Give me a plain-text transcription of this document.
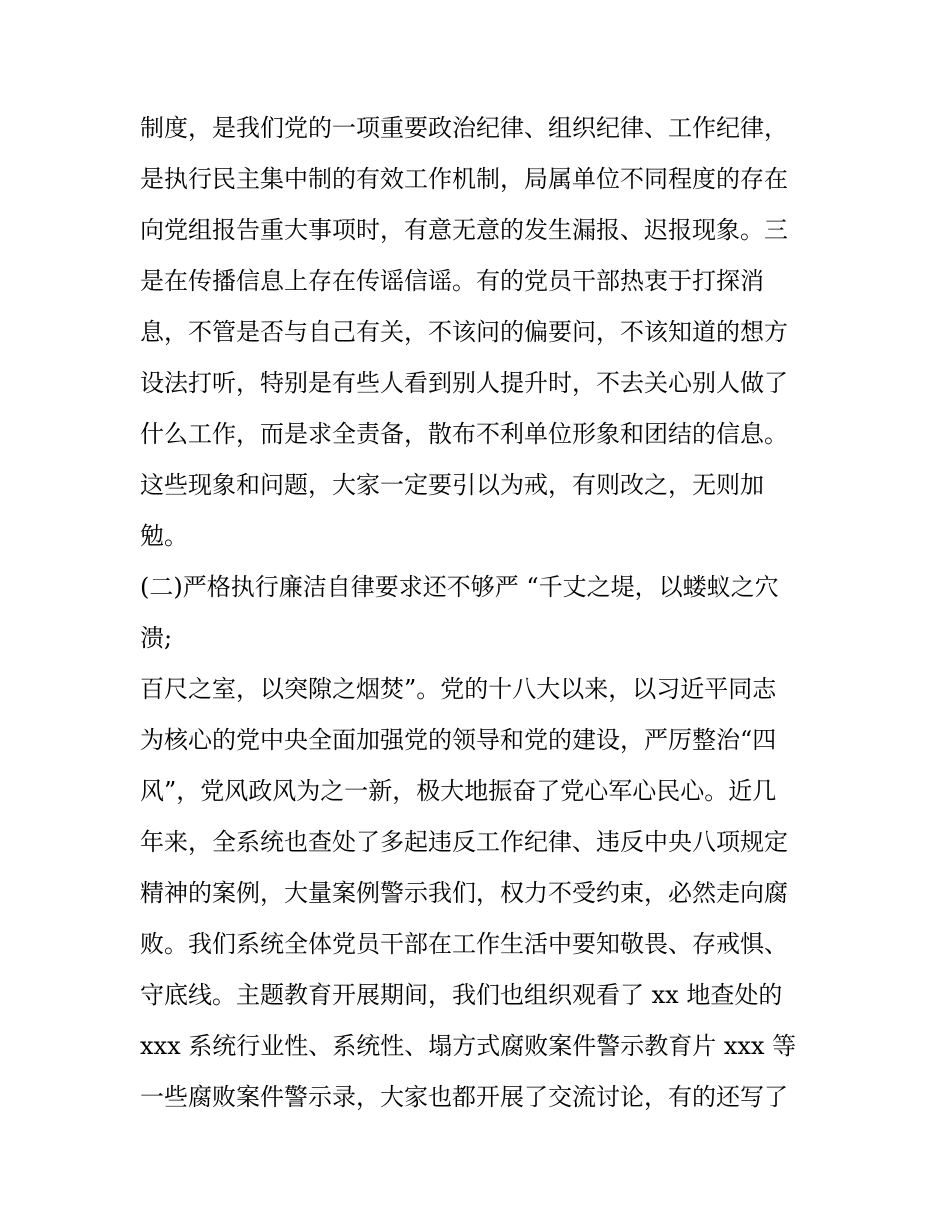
制度，是我们党的一项重要政治纪律、组织纪律、工作纪律，
是执行民主集中制的有效工作机制，局属单位不同程度的存在
向党组报告重大事项时，有意无意的发生漏报、迟报现象。三
是在传播信息上存在传谣信谣。有的党员干部热衷于打探消
息，不管是否与自己有关，不该问的偏要问，不该知道的想方
设法打听，特别是有些人看到别人提升时，不去关心别人做了
什么工作，而是求全责备，散布不利单位形象和团结的信息。
这些现象和问题，大家一定要引以为戒，有则改之，无则加
勉。
(二)严格执行廉洁自律要求还不够严 “千丈之堤，以蝼蚁之穴
溃;
百尺之室，以突隙之烟焚”。党的十八大以来，以习近平同志
为核心的党中央全面加强党的领导和党的建设，严厉整治“四
风”，党风政风为之一新，极大地振奋了党心军心民心。近几
年来，全系统也查处了多起违反工作纪律、违反中央八项规定
精神的案例，大量案例警示我们，权力不受约束，必然走向腐
败。我们系统全体党员干部在工作生活中要知敬畏、存戒惧、
守底线。主题教育开展期间，我们也组织观看了 xx 地查处的
xxx 系统行业性、系统性、塌方式腐败案件警示教育片 xxx 等
一些腐败案件警示录，大家也都开展了交流讨论，有的还写了
